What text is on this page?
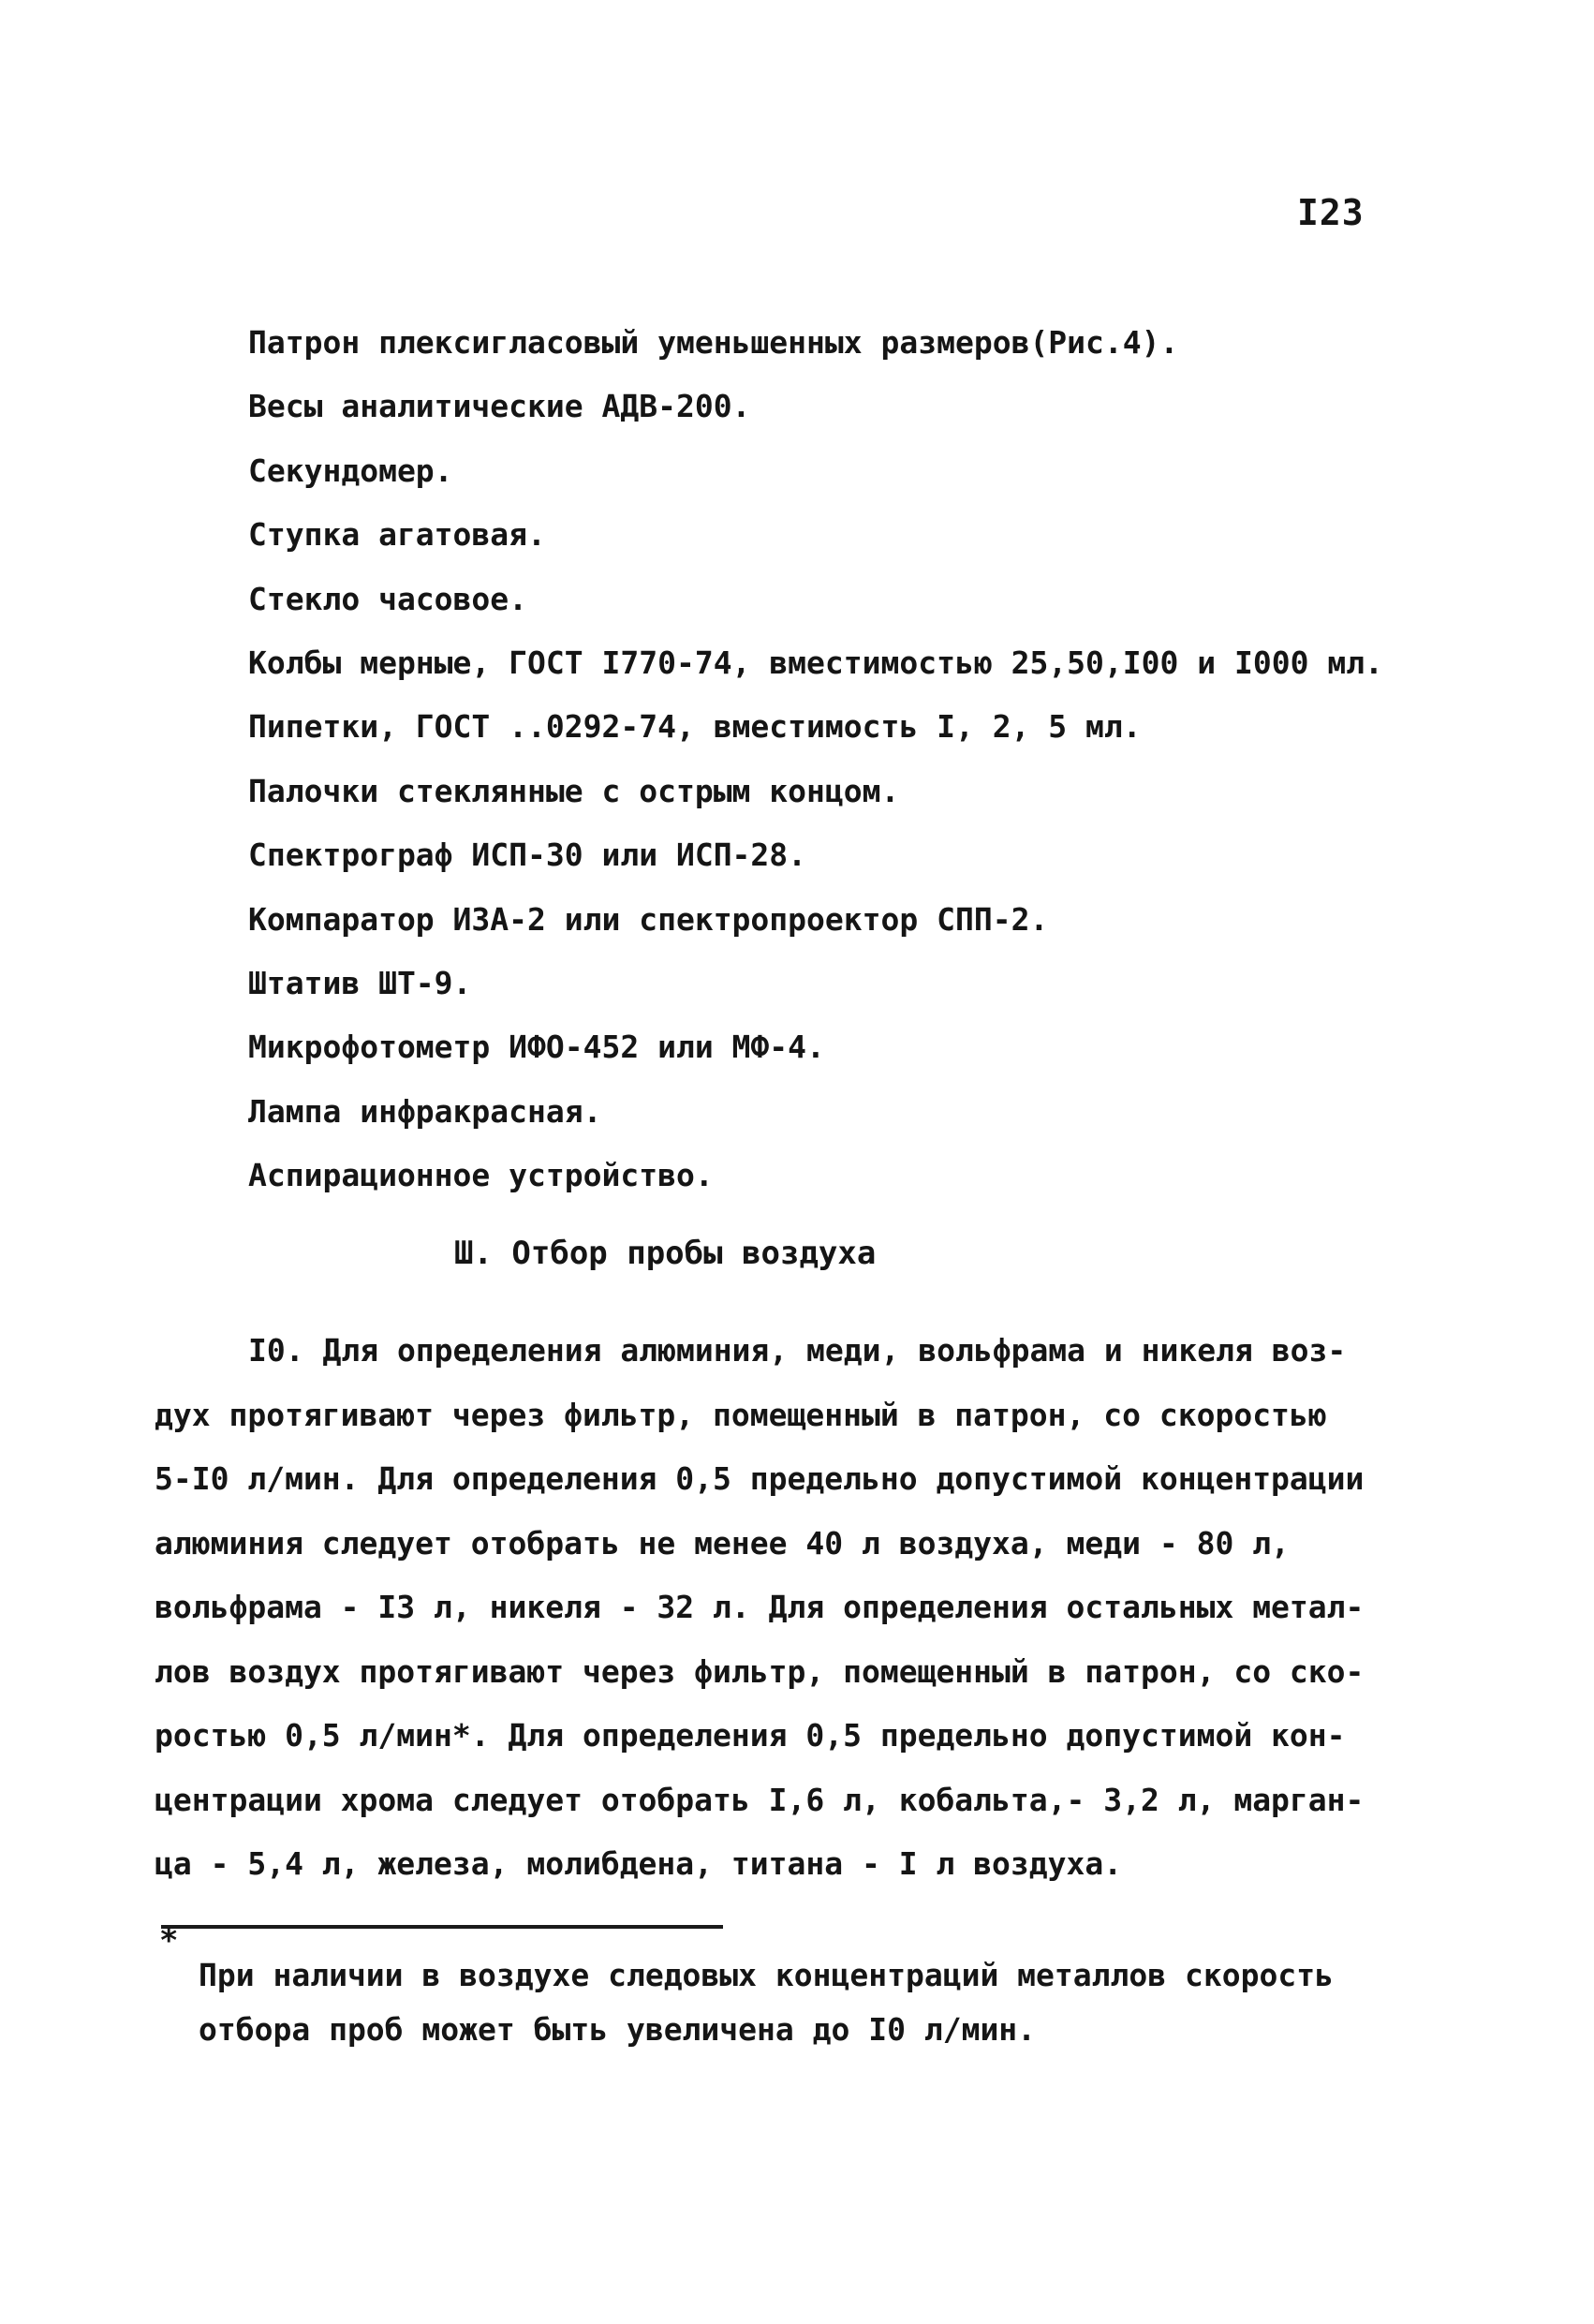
I23
Патрон плексигласовый уменьшенных размеров(Рис.4).
Весы аналитические АДВ-200.
Секундомер.
Ступка агатовая.
Стекло часовое.
Колбы мерные, ГОСТ I770-74, вместимостью 25,50,I00 и I000 мл.
Пипетки, ГОСТ ..0292-74, вместимость I, 2, 5 мл.
Палочки стеклянные с острым концом.
Спектрограф ИСП-30 или ИСП-28.
Компаратор ИЗА-2 или спектропроектор СПП-2.
Штатив ШТ-9.
Микрофотометр ИФО-452 или МФ-4.
Лампа инфракрасная.
Аспирационное устройство.
Ш. Отбор пробы воздуха
I0. Для определения алюминия, меди, вольфрама и никеля воз-
дух протягивают через фильтр, помещенный в патрон, со скоростью
5-I0 л/мин. Для определения 0,5 предельно допустимой концентрации
алюминия следует отобрать не менее 40 л воздуха, меди - 80 л,
вольфрама - I3 л, никеля - 32 л. Для определения остальных метал-
лов воздух протягивают через фильтр, помещенный в патрон, со ско-
ростью 0,5 л/мин*. Для определения 0,5 предельно допустимой кон-
центрации хрома следует отобрать I,6 л, кобальта,- 3,2 л, марган-
ца - 5,4 л, железа, молибдена, титана - I л воздуха.
*
При наличии в воздухе следовых концентраций металлов скорость
отбора проб может быть увеличена до I0 л/мин.
